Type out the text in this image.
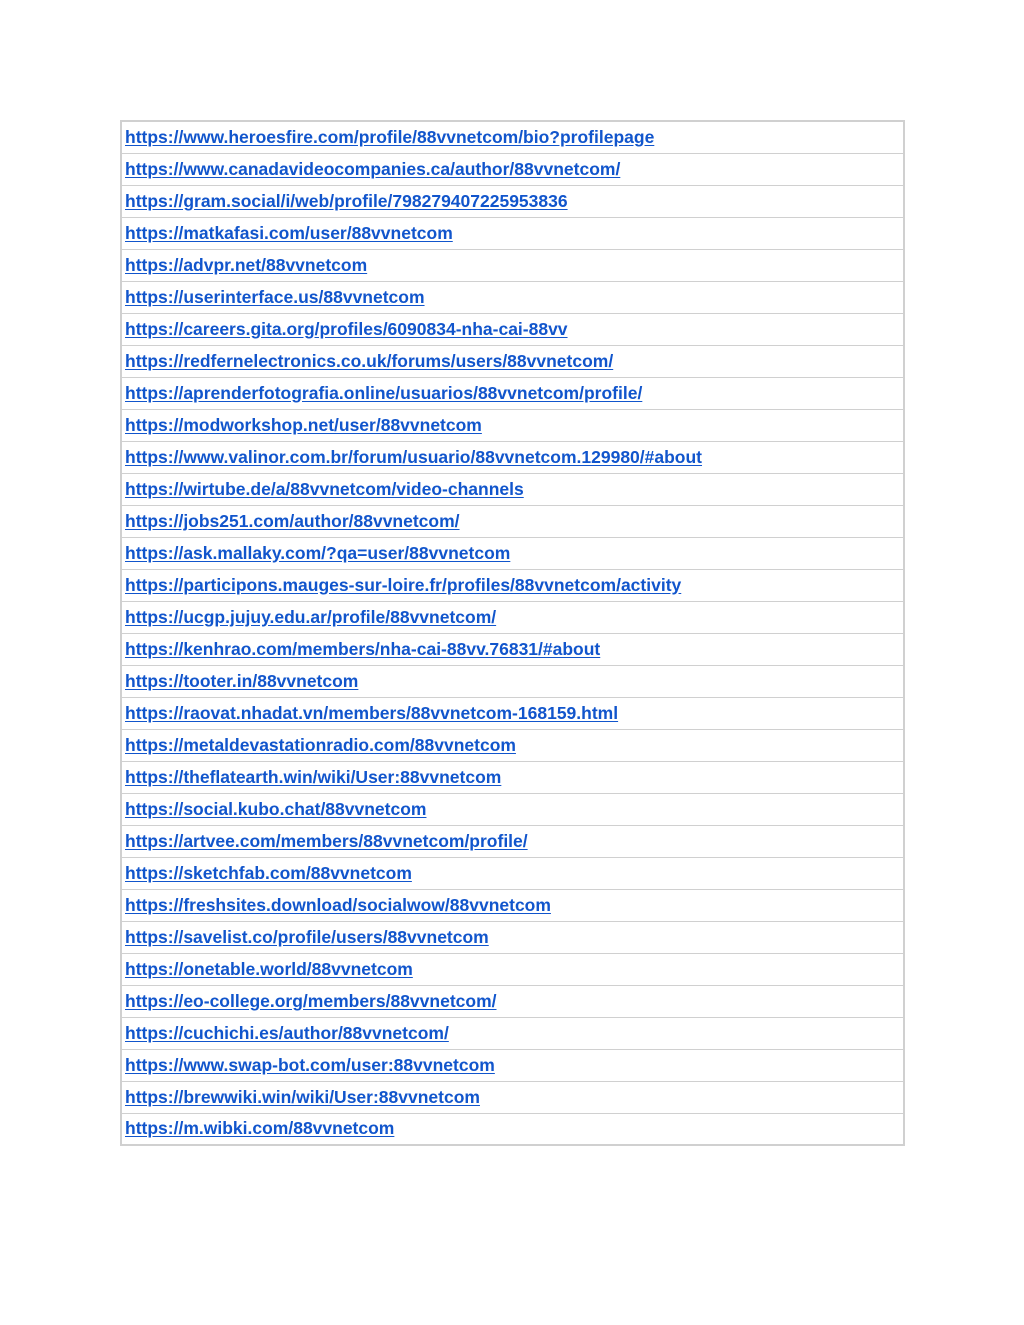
https://www.heroesfire.com/profile/88vvnetcom/bio?profilepage
https://www.canadavideocompanies.ca/author/88vvnetcom/
https://gram.social/i/web/profile/798279407225953836
https://matkafasi.com/user/88vvnetcom
https://advpr.net/88vvnetcom
https://userinterface.us/88vvnetcom
https://careers.gita.org/profiles/6090834-nha-cai-88vv
https://redfernelectronics.co.uk/forums/users/88vvnetcom/
https://aprenderfotografia.online/usuarios/88vvnetcom/profile/
https://modworkshop.net/user/88vvnetcom
https://www.valinor.com.br/forum/usuario/88vvnetcom.129980/#about
https://wirtube.de/a/88vvnetcom/video-channels
https://jobs251.com/author/88vvnetcom/
https://ask.mallaky.com/?qa=user/88vvnetcom
https://participons.mauges-sur-loire.fr/profiles/88vvnetcom/activity
https://ucgp.jujuy.edu.ar/profile/88vvnetcom/
https://kenhrao.com/members/nha-cai-88vv.76831/#about
https://tooter.in/88vvnetcom
https://raovat.nhadat.vn/members/88vvnetcom-168159.html
https://metaldevastationradio.com/88vvnetcom
https://theflatearth.win/wiki/User:88vvnetcom
https://social.kubo.chat/88vvnetcom
https://artvee.com/members/88vvnetcom/profile/
https://sketchfab.com/88vvnetcom
https://freshsites.download/socialwow/88vvnetcom
https://savelist.co/profile/users/88vvnetcom
https://onetable.world/88vvnetcom
https://eo-college.org/members/88vvnetcom/
https://cuchichi.es/author/88vvnetcom/
https://www.swap-bot.com/user:88vvnetcom
https://brewwiki.win/wiki/User:88vvnetcom
https://m.wibki.com/88vvnetcom
